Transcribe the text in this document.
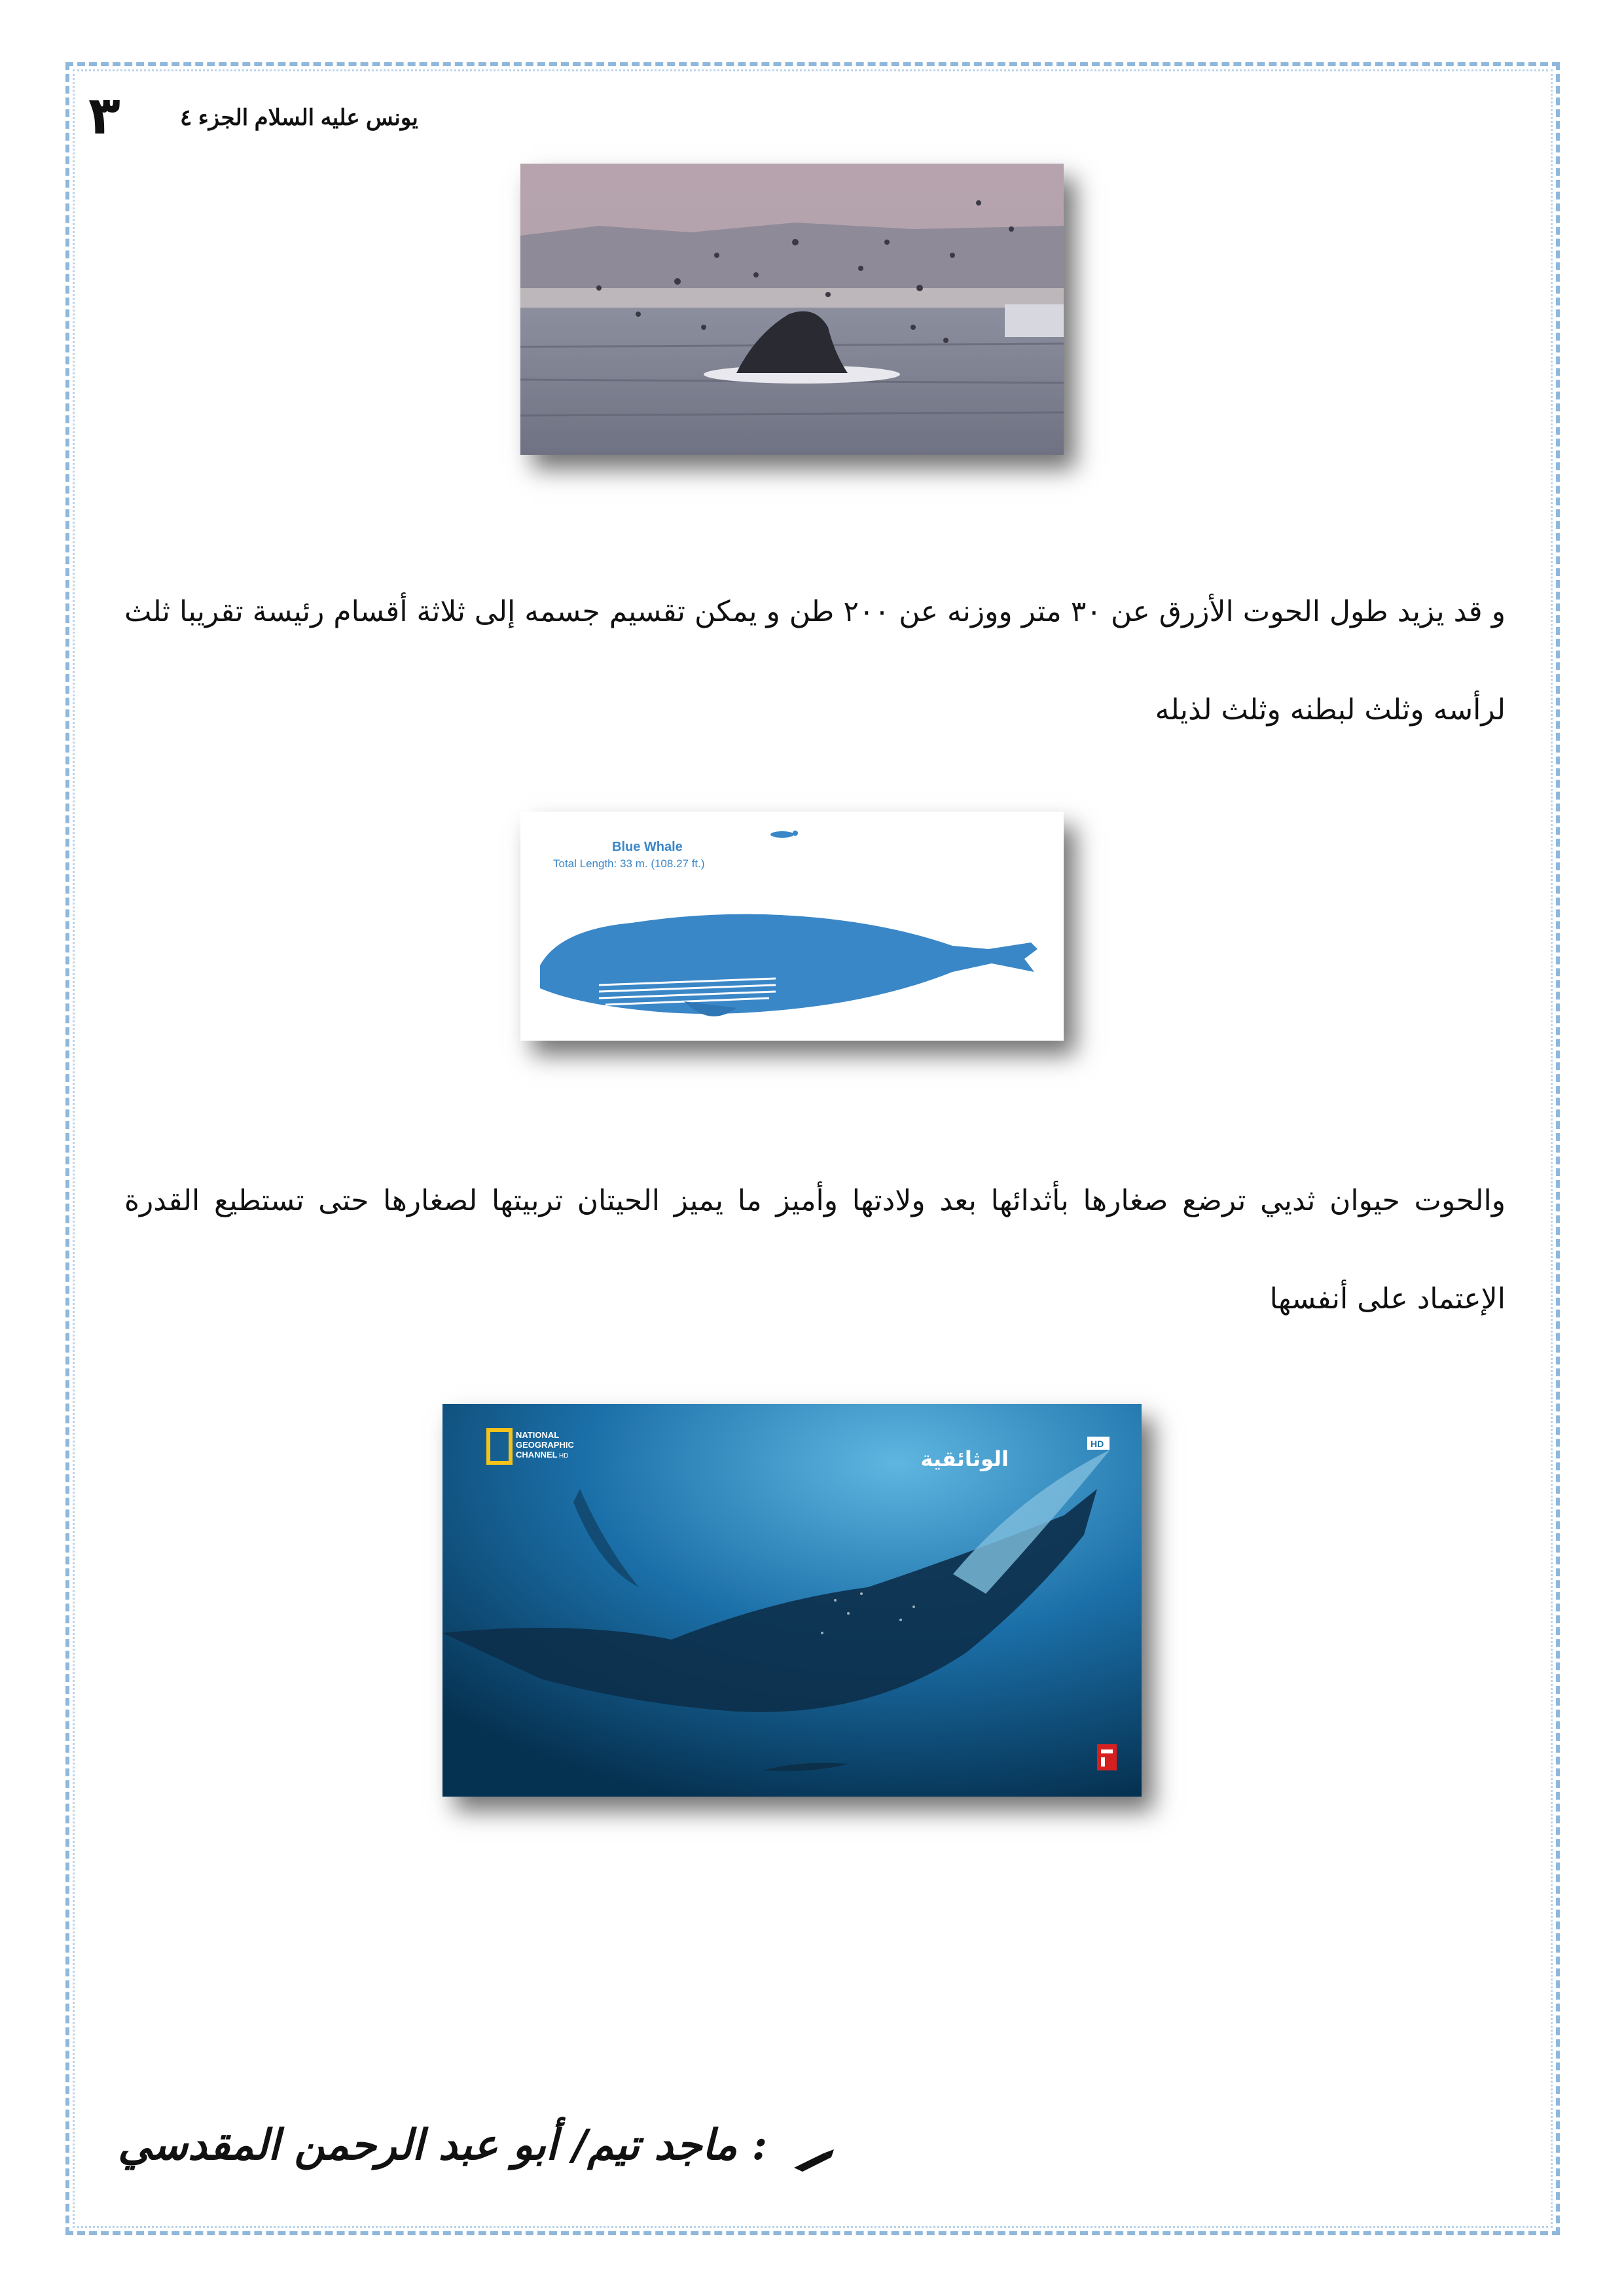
٣	يونس عليه السلام الجزء ٤
و قد يزيد طول الحوت الأزرق عن ٣٠ متر ووزنه عن ٢٠٠ طن و يمكن تقسيم جسمه إلى ثلاثة أقسام رئيسة تقريبا ثلث لرأسه وثلث لبطنه وثلث لذيله
Blue Whale
Total Length: 33 m. (108.27 ft.)
والحوت حيوان ثديي ترضع صغارها بأثدائها بعد ولادتها وأميز ما يميز الحيتان تربيتها لصغارها حتى تستطيع القدرة الإعتماد على أنفسها
NATIONAL
GEOGRAPHIC
CHANNEL HD	الوثائقية
HD
: ماجد تيم/ أبو عبد الرحمن المقدسي
